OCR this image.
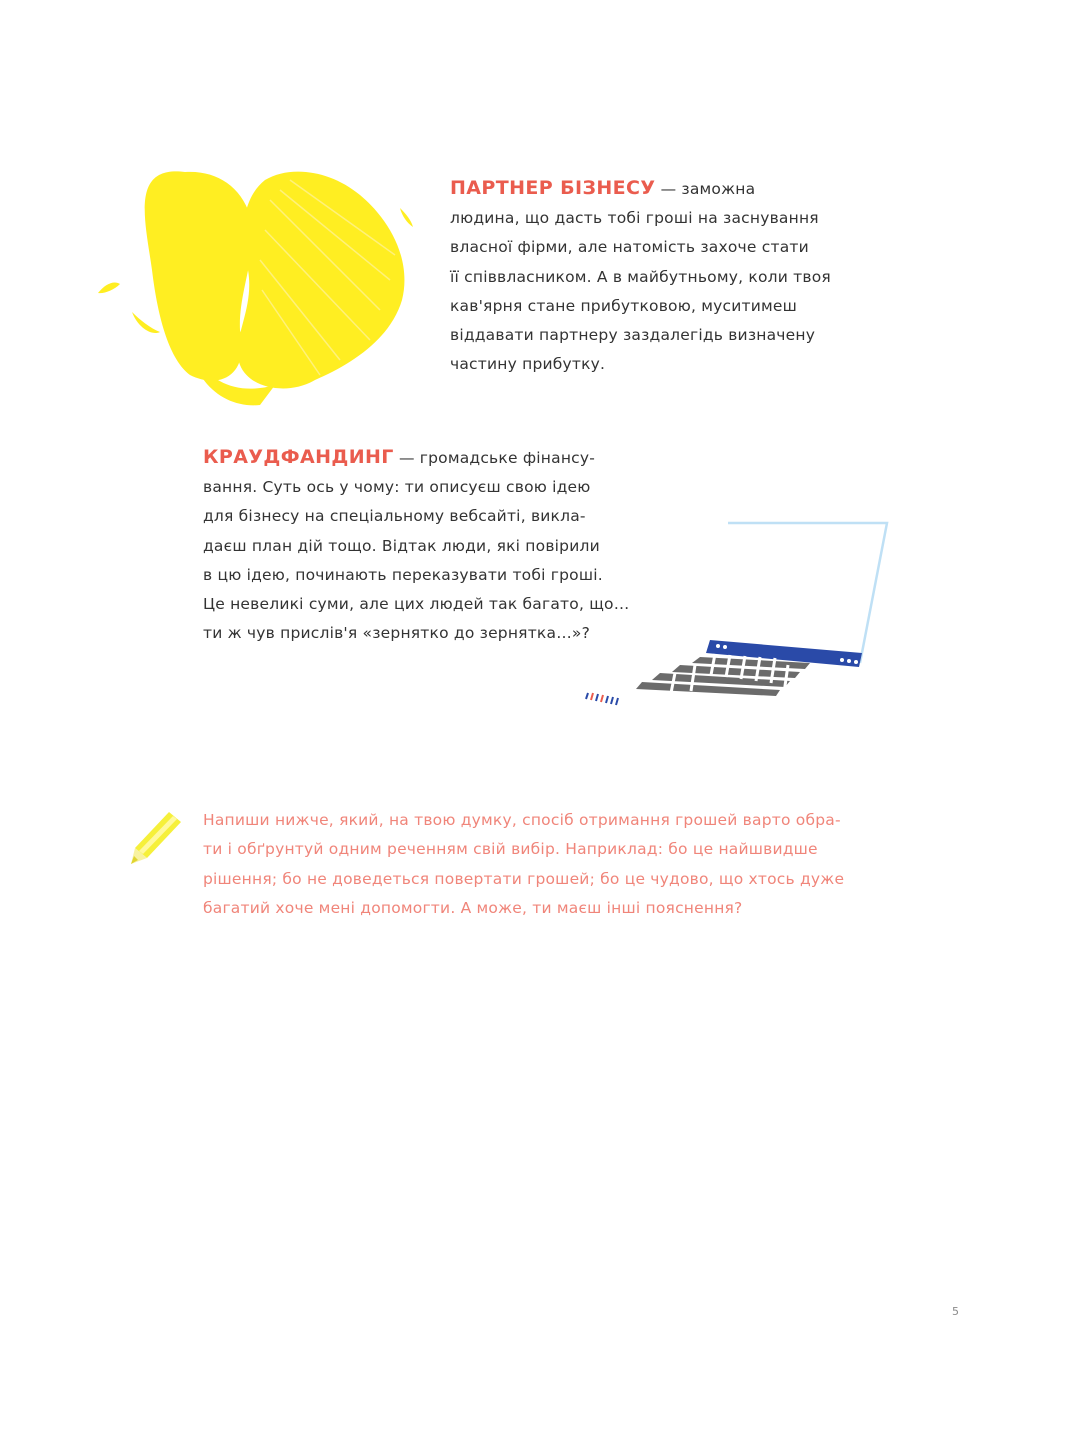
ПАРТНЕР БІЗНЕСУ — заможна
людина, що дасть тобі гроші на заснування
власної фірми, але натомість захоче стати
її співвласником. А в майбутньому, коли твоя
кав'ярня стане прибутковою, муситимеш
віддавати партнеру заздалегідь визначену
частину прибутку.
КРАУДФАНДИНГ — громадське фінансу-
вання. Суть ось у чому: ти описуєш свою ідею
для бізнесу на спеціальному вебсайті, викла-
даєш план дій тощо. Відтак люди, які повірили
в цю ідею, починають переказувати тобі гроші.
Це невеликі суми, але цих людей так багато, що…
ти ж чув прислів'я «зернятко до зернятка…»?
Напиши нижче, який, на твою думку, спосіб отримання грошей варто обра-
ти і обґрунтуй одним реченням свій вибір. Наприклад: бо це найшвидше
рішення; бо не доведеться повертати грошей; бо це чудово, що хтось дуже
багатий хоче мені допомогти. А може, ти маєш інші пояснення?
5
